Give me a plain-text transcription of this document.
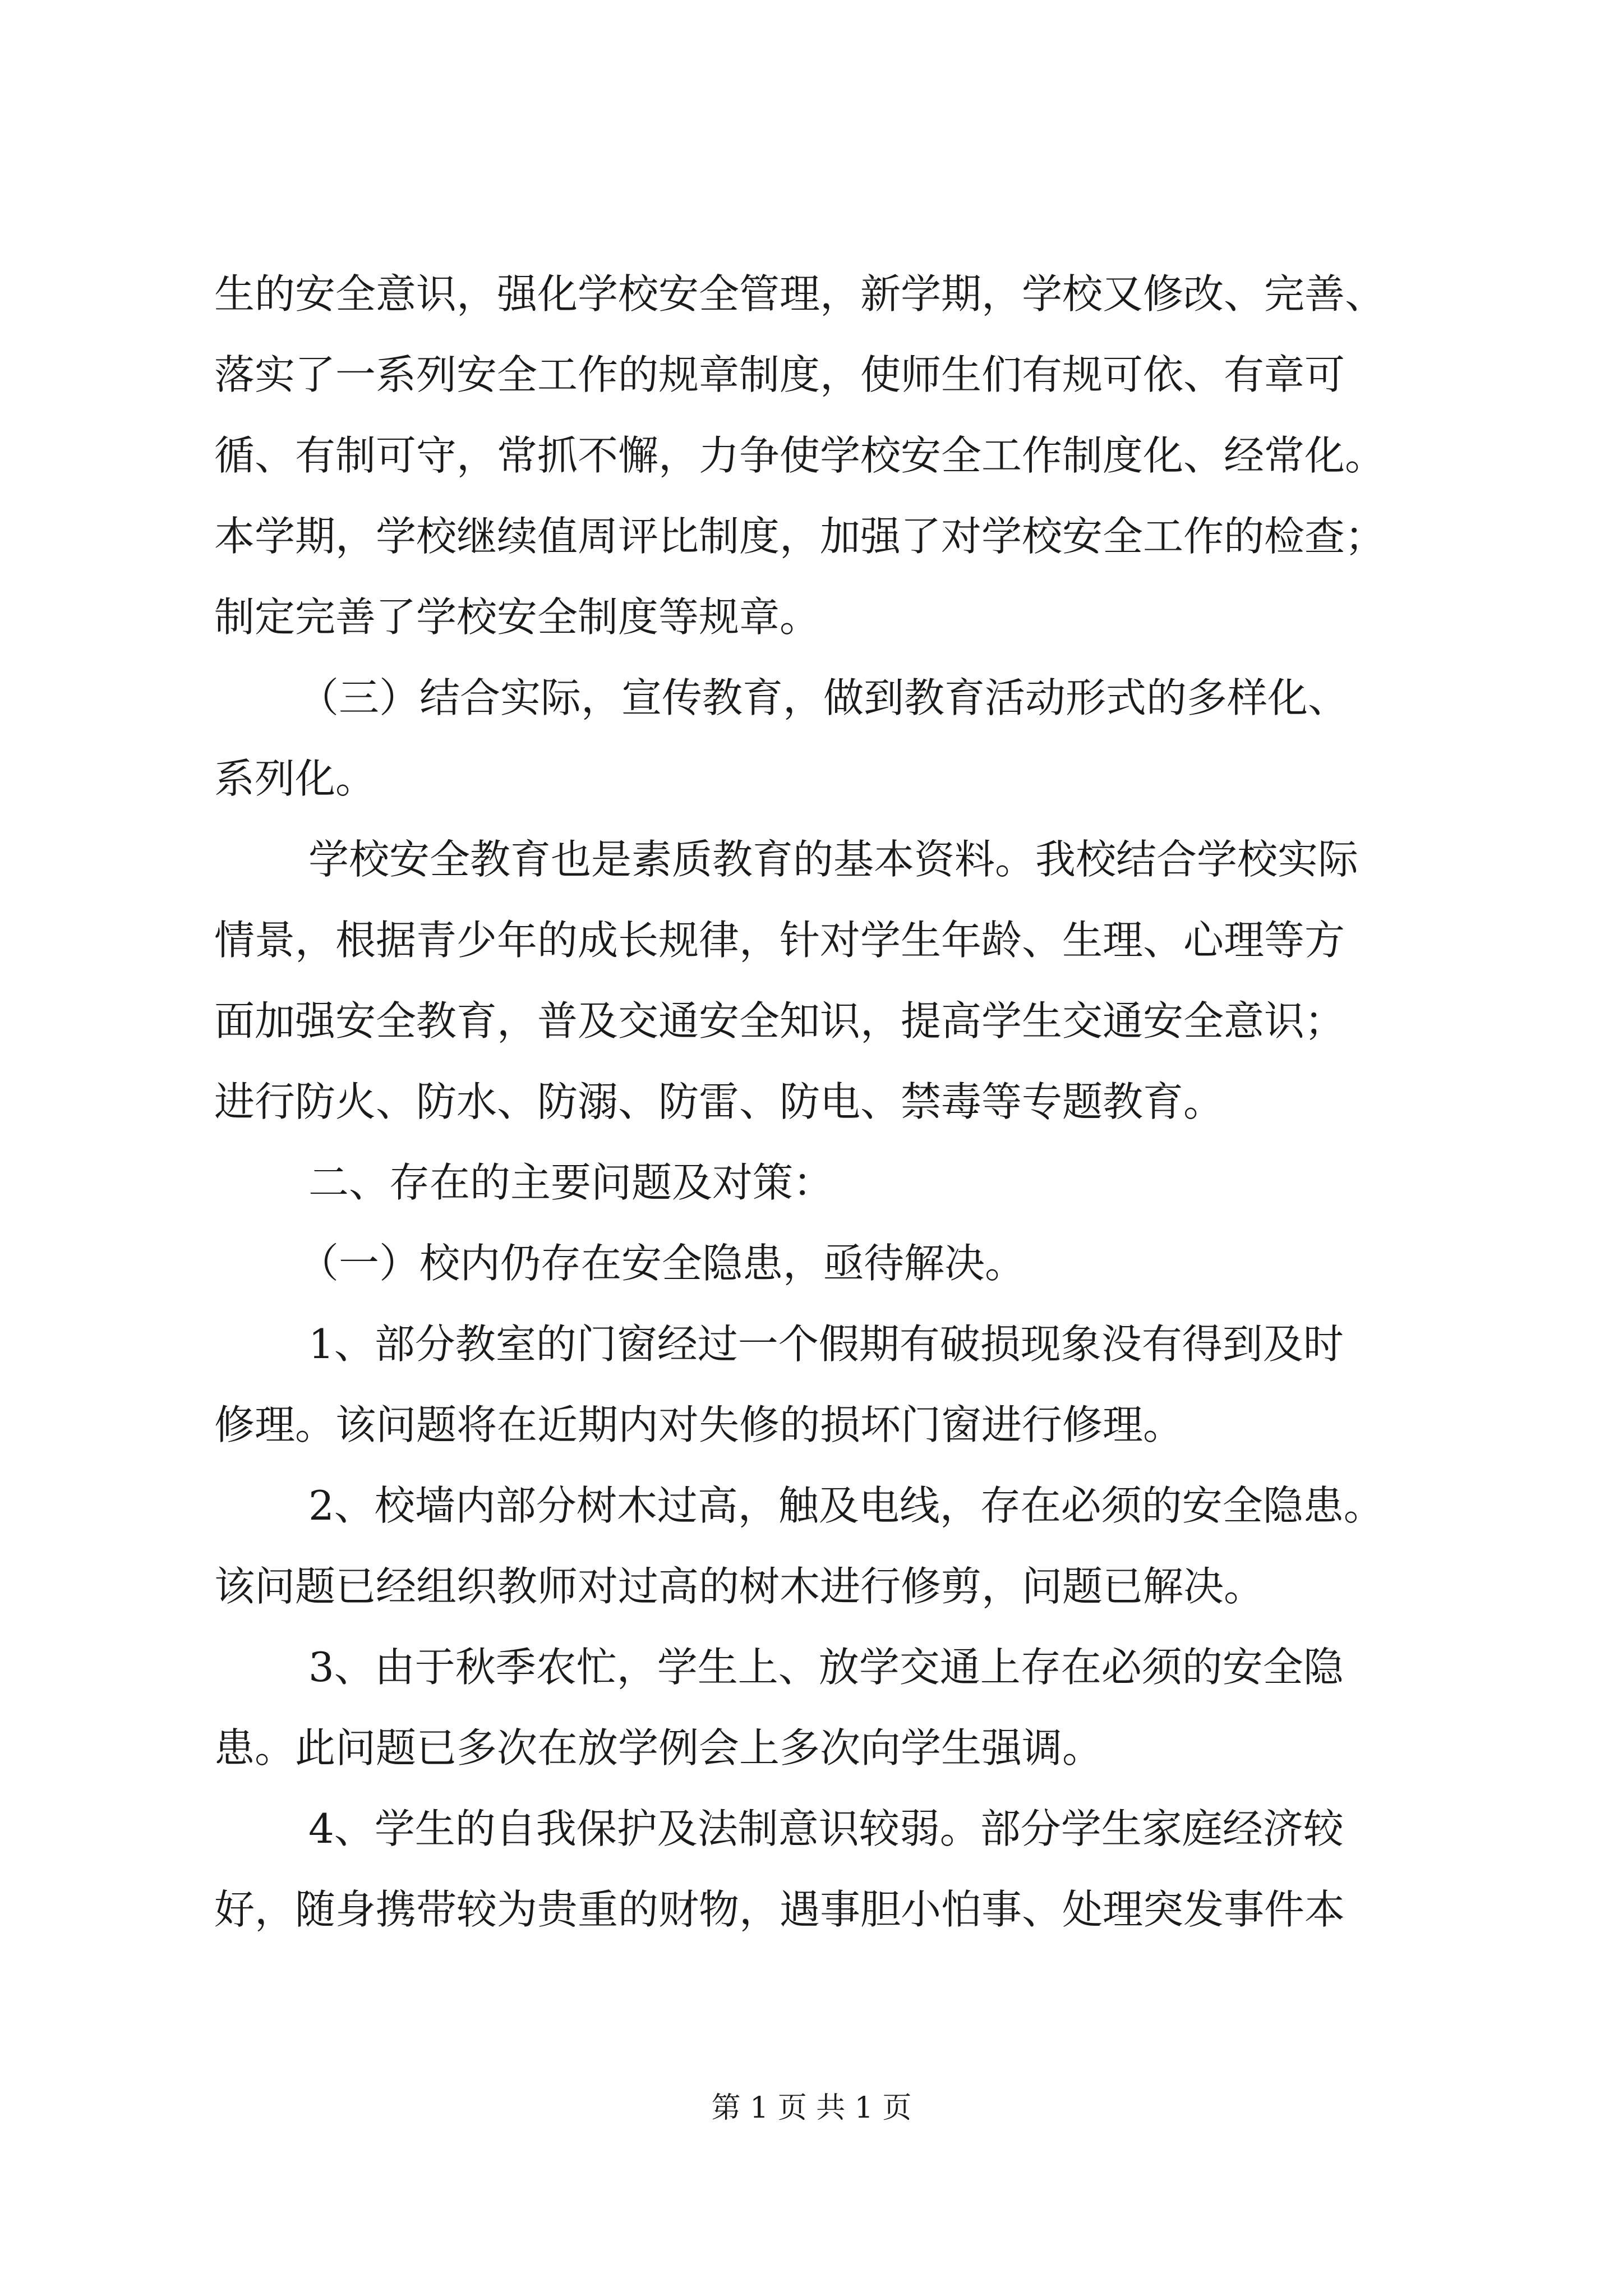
生的安全意识，强化学校安全管理，新学期，学校又修改、完善、
落实了一系列安全工作的规章制度，使师生们有规可依、有章可
循、有制可守，常抓不懈，力争使学校安全工作制度化、经常化。
本学期，学校继续值周评比制度，加强了对学校安全工作的检查；
制定完善了学校安全制度等规章。
（三）结合实际，宣传教育，做到教育活动形式的多样化、
系列化。
学校安全教育也是素质教育的基本资料。我校结合学校实际
情景，根据青少年的成长规律，针对学生年龄、生理、心理等方
面加强安全教育，普及交通安全知识，提高学生交通安全意识；
进行防火、防水、防溺、防雷、防电、禁毒等专题教育。
二、存在的主要问题及对策：
（一）校内仍存在安全隐患，亟待解决。
1、部分教室的门窗经过一个假期有破损现象没有得到及时
修理。该问题将在近期内对失修的损坏门窗进行修理。
2、校墙内部分树木过高，触及电线，存在必须的安全隐患。
该问题已经组织教师对过高的树木进行修剪，问题已解决。
3、由于秋季农忙，学生上、放学交通上存在必须的安全隐
患。此问题已多次在放学例会上多次向学生强调。
4、学生的自我保护及法制意识较弱。部分学生家庭经济较
好，随身携带较为贵重的财物，遇事胆小怕事、处理突发事件本
第 1 页 共 1 页
